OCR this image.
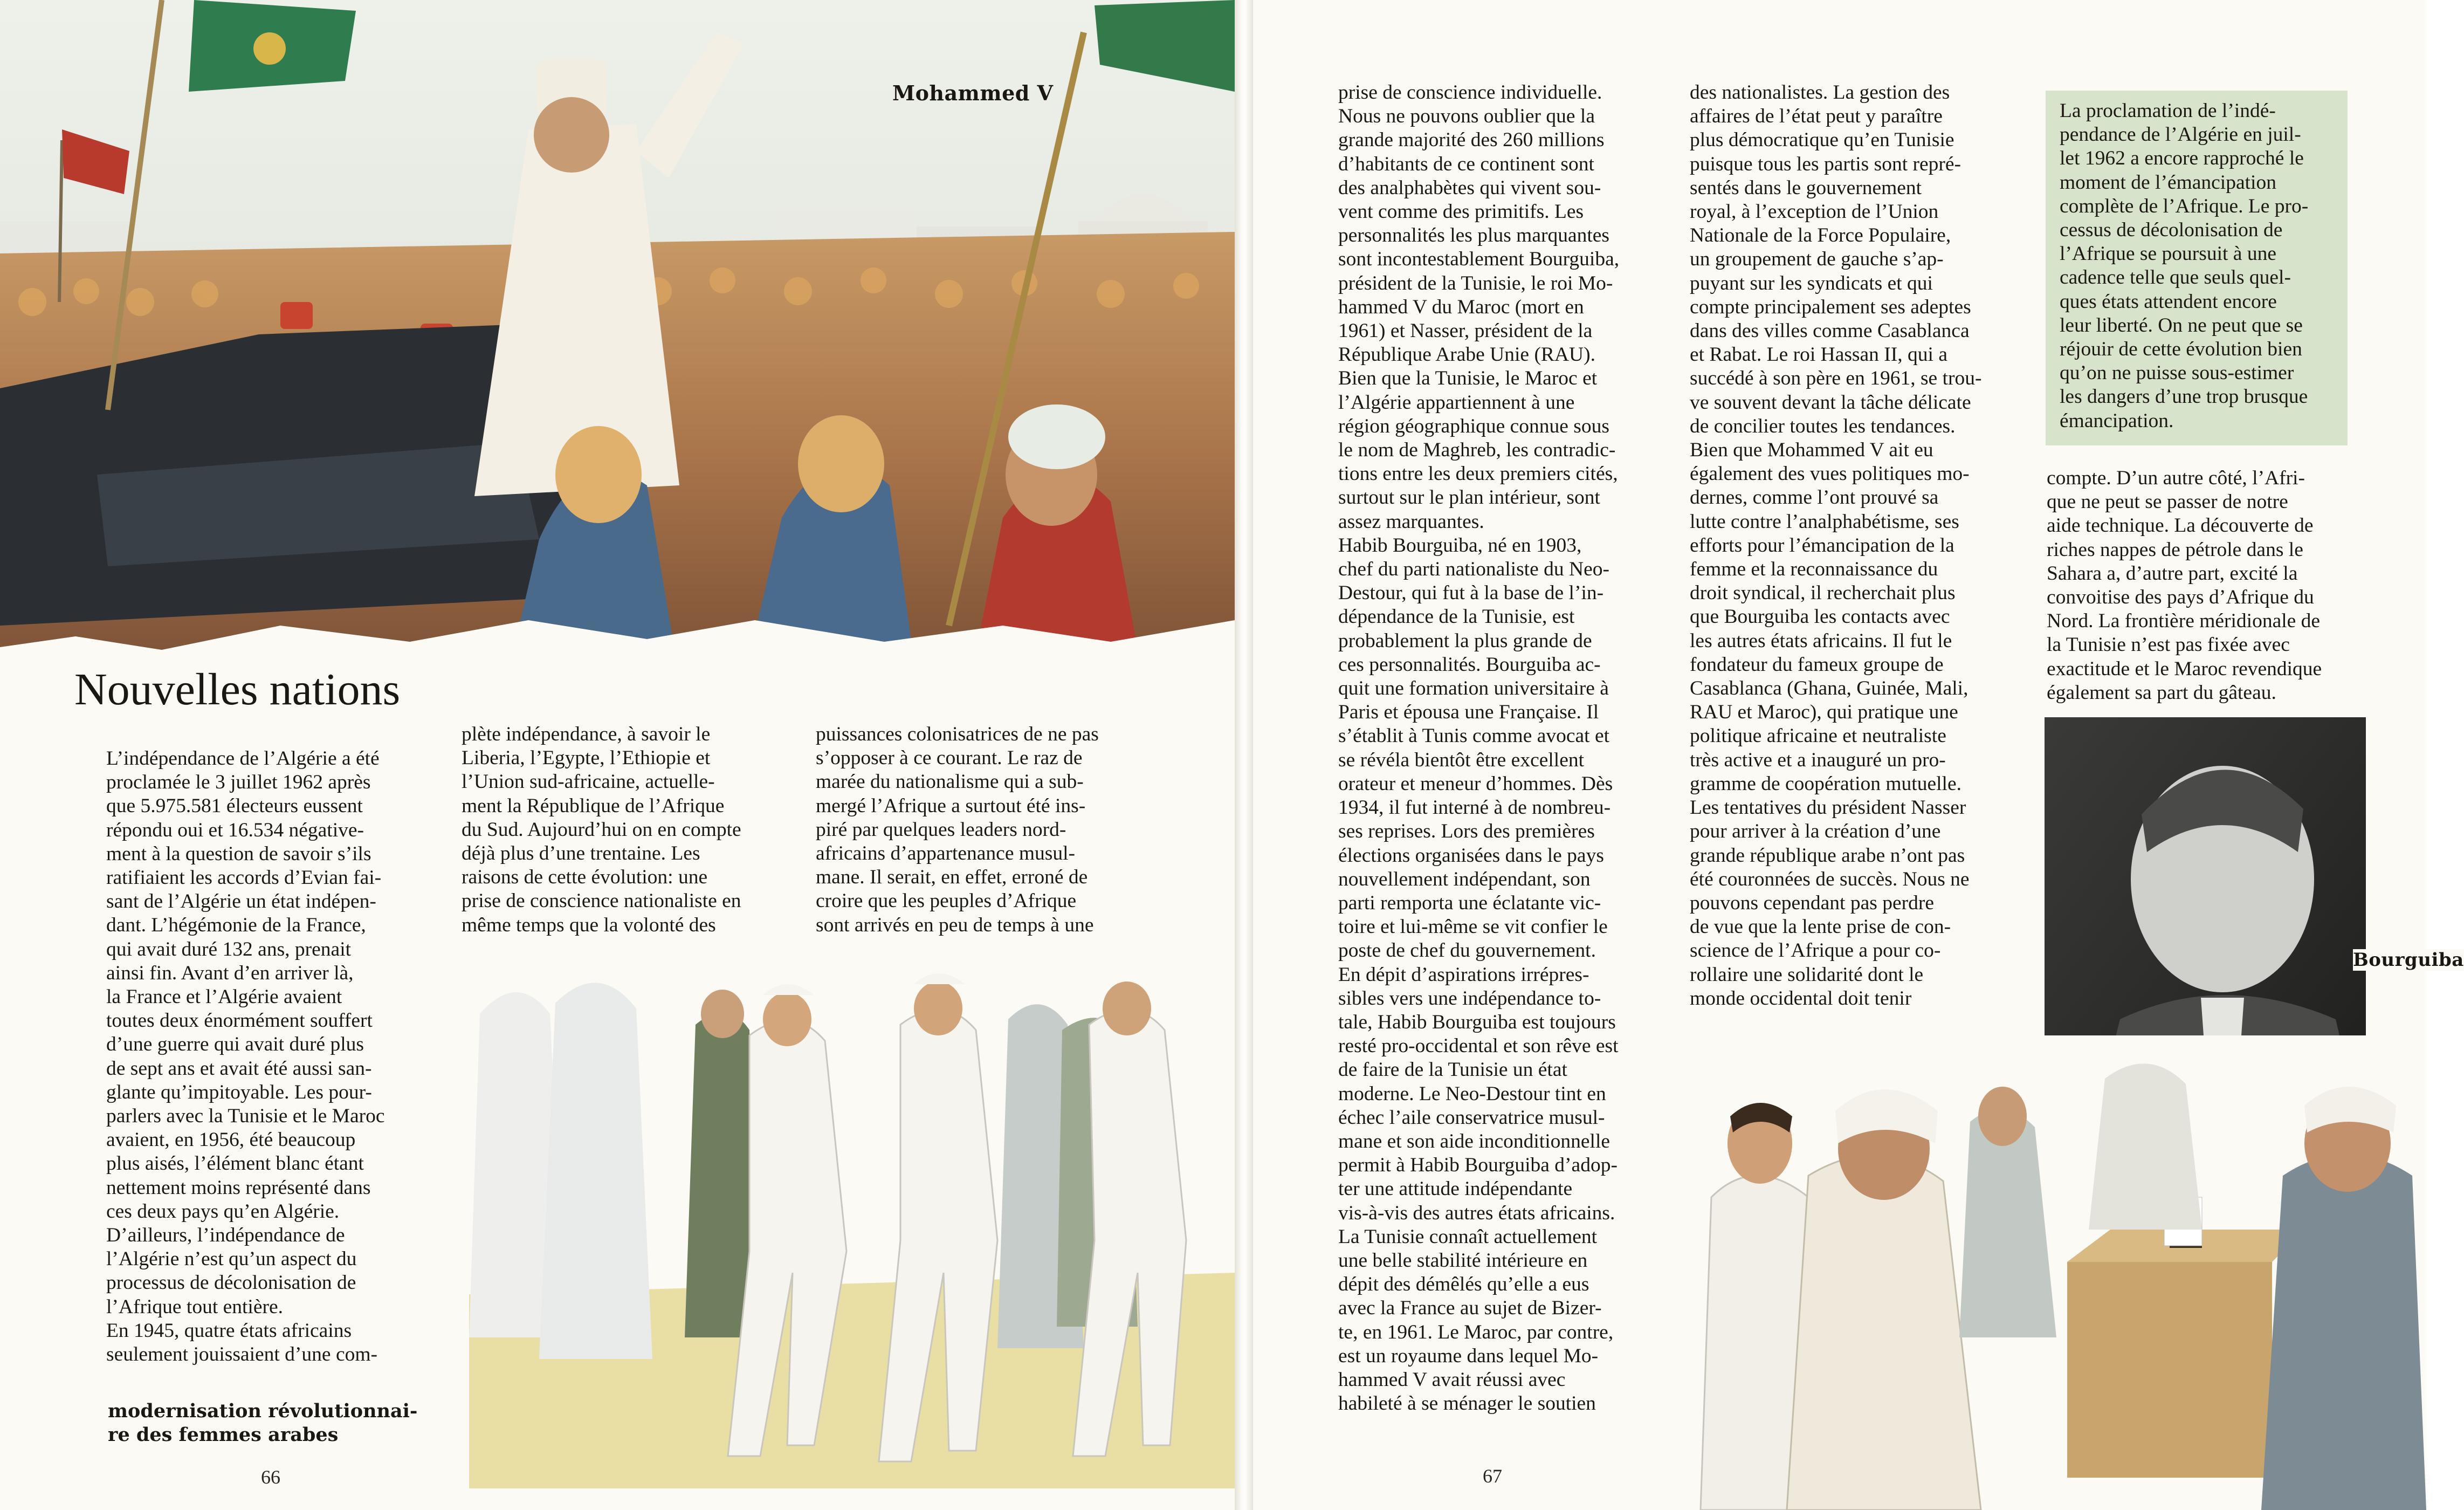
Mohammed V
Nouvelles nations

L’indépendance de l’Algérie a été
proclamée le 3 juillet 1962 après
que 5.975.581 électeurs eussent
répondu oui et 16.534 négative-
ment à la question de savoir s’ils
ratifiaient les accords d’Evian fai-
sant de l’Algérie un état indépen-
dant. L’hégémonie de la France,
qui avait duré 132 ans, prenait
ainsi fin. Avant d’en arriver là,
la France et l’Algérie avaient
toutes deux énormément souffert
d’une guerre qui avait duré plus
de sept ans et avait été aussi san-
glante qu’impitoyable. Les pour-
parlers avec la Tunisie et le Maroc
avaient, en 1956, été beaucoup
plus aisés, l’élément blanc étant
nettement moins représenté dans
ces deux pays qu’en Algérie.
D’ailleurs, l’indépendance de
l’Algérie n’est qu’un aspect du
processus de décolonisation de
l’Afrique tout entière.
En 1945, quatre états africains
seulement jouissaient d’une com-

plète indépendance, à savoir le
Liberia, l’Egypte, l’Ethiopie et
l’Union sud-africaine, actuelle-
ment la République de l’Afrique
du Sud. Aujourd’hui on en compte
déjà plus d’une trentaine. Les
raisons de cette évolution: une
prise de conscience nationaliste en
même temps que la volonté des

puissances colonisatrices de ne pas
s’opposer à ce courant. Le raz de
marée du nationalisme qui a sub-
mergé l’Afrique a surtout été ins-
piré par quelques leaders nord-
africains d’appartenance musul-
mane. Il serait, en effet, erroné de
croire que les peuples d’Afrique
sont arrivés en peu de temps à une

modernisation révolutionnai-
re des femmes arabes

66

prise de conscience individuelle.
Nous ne pouvons oublier que la
grande majorité des 260 millions
d’habitants de ce continent sont
des analphabètes qui vivent sou-
vent comme des primitifs. Les
personnalités les plus marquantes
sont incontestablement Bourguiba,
président de la Tunisie, le roi Mo-
hammed V du Maroc (mort en
1961) et Nasser, président de la
République Arabe Unie (RAU).
Bien que la Tunisie, le Maroc et
l’Algérie appartiennent à une
région géographique connue sous
le nom de Maghreb, les contradic-
tions entre les deux premiers cités,
surtout sur le plan intérieur, sont
assez marquantes.
Habib Bourguiba, né en 1903,
chef du parti nationaliste du Neo-
Destour, qui fut à la base de l’in-
dépendance de la Tunisie, est
probablement la plus grande de
ces personnalités. Bourguiba ac-
quit une formation universitaire à
Paris et épousa une Française. Il
s’établit à Tunis comme avocat et
se révéla bientôt être excellent
orateur et meneur d’hommes. Dès
1934, il fut interné à de nombreu-
ses reprises. Lors des premières
élections organisées dans le pays
nouvellement indépendant, son
parti remporta une éclatante vic-
toire et lui-même se vit confier le
poste de chef du gouvernement.
En dépit d’aspirations irrépres-
sibles vers une indépendance to-
tale, Habib Bourguiba est toujours
resté pro-occidental et son rêve est
de faire de la Tunisie un état
moderne. Le Neo-Destour tint en
échec l’aile conservatrice musul-
mane et son aide inconditionnelle
permit à Habib Bourguiba d’adop-
ter une attitude indépendante
vis-à-vis des autres états africains.
La Tunisie connaît actuellement
une belle stabilité intérieure en
dépit des démêlés qu’elle a eus
avec la France au sujet de Bizer-
te, en 1961. Le Maroc, par contre,
est un royaume dans lequel Mo-
hammed V avait réussi avec
habileté à se ménager le soutien

des nationalistes. La gestion des
affaires de l’état peut y paraître
plus démocratique qu’en Tunisie
puisque tous les partis sont repré-
sentés dans le gouvernement
royal, à l’exception de l’Union
Nationale de la Force Populaire,
un groupement de gauche s’ap-
puyant sur les syndicats et qui
compte principalement ses adeptes
dans des villes comme Casablanca
et Rabat. Le roi Hassan II, qui a
succédé à son père en 1961, se trou-
ve souvent devant la tâche délicate
de concilier toutes les tendances.
Bien que Mohammed V ait eu
également des vues politiques mo-
dernes, comme l’ont prouvé sa
lutte contre l’analphabétisme, ses
efforts pour l’émancipation de la
femme et la reconnaissance du
droit syndical, il recherchait plus
que Bourguiba les contacts avec
les autres états africains. Il fut le
fondateur du fameux groupe de
Casablanca (Ghana, Guinée, Mali,
RAU et Maroc), qui pratique une
politique africaine et neutraliste
très active et a inauguré un pro-
gramme de coopération mutuelle.
Les tentatives du président Nasser
pour arriver à la création d’une
grande république arabe n’ont pas
été couronnées de succès. Nous ne
pouvons cependant pas perdre
de vue que la lente prise de con-
science de l’Afrique a pour co-
rollaire une solidarité dont le
monde occidental doit tenir

La proclamation de l’indé-
pendance de l’Algérie en juil-
let 1962 a encore rapproché le
moment de l’émancipation
complète de l’Afrique. Le pro-
cessus de décolonisation de
l’Afrique se poursuit à une
cadence telle que seuls quel-
ques états attendent encore
leur liberté. On ne peut que se
réjouir de cette évolution bien
qu’on ne puisse sous-estimer
les dangers d’une trop brusque
émancipation.

compte. D’un autre côté, l’Afri-
que ne peut se passer de notre
aide technique. La découverte de
riches nappes de pétrole dans le
Sahara a, d’autre part, excité la
convoitise des pays d’Afrique du
Nord. La frontière méridionale de
la Tunisie n’est pas fixée avec
exactitude et le Maroc revendique
également sa part du gâteau.

Bourguiba
67
